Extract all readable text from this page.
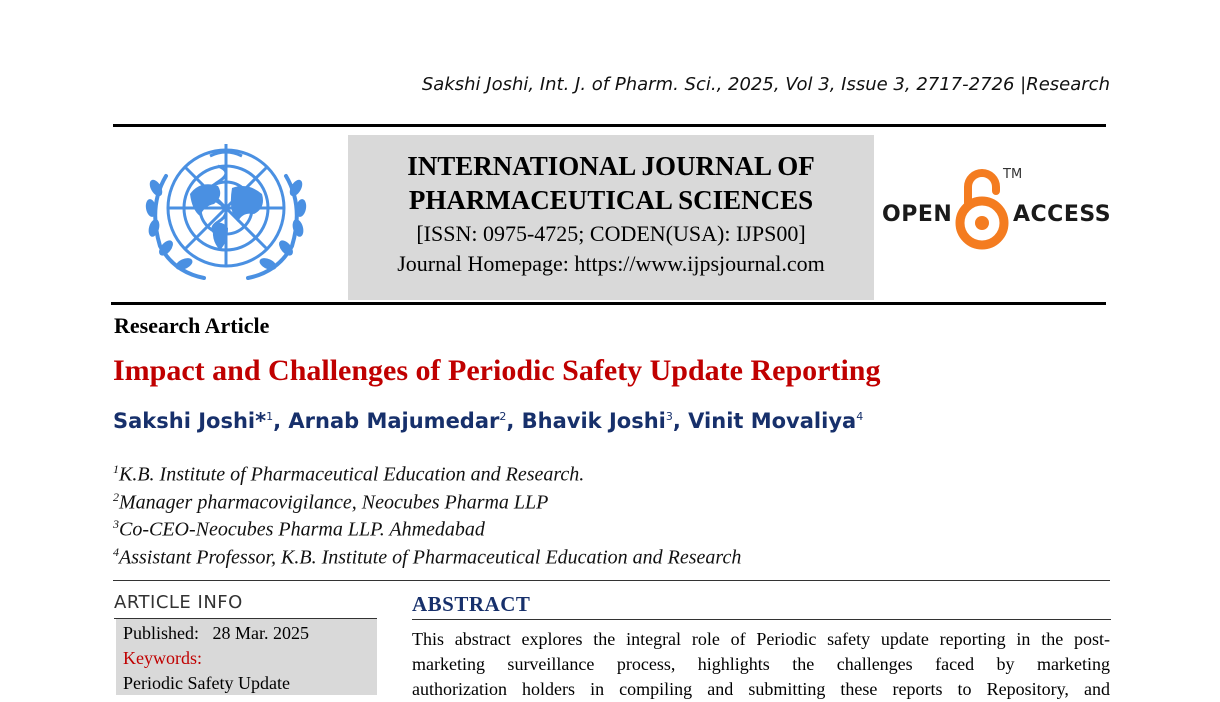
Sakshi Joshi, Int. J. of Pharm. Sci., 2025, Vol 3, Issue 3, 2717-2726 |Research
INTERNATIONAL JOURNAL OF
PHARMACEUTICAL SCIENCES
[ISSN: 0975-4725; CODEN(USA): IJPS00]
Journal Homepage: https://www.ijpsjournal.com
OPEN
TM
ACCESS
Research Article
Impact and Challenges of Periodic Safety Update Reporting
Sakshi Joshi*$^1$, Arnab Majumedar$^2$, Bhavik Joshi$^3$, Vinit Movaliya$^4$
$^1$K.B. Institute of Pharmaceutical Education and Research.
$^2$Manager pharmacovigilance, Neocubes Pharma LLP
$^3$Co-CEO-Neocubes Pharma LLP. Ahmedabad
$^4$Assistant Professor, K.B. Institute of Pharmaceutical Education and Research
ARTICLE INFO
Published: 28 Mar. 2025
Keywords:
Periodic Safety Update
ABSTRACT
This abstract explores the integral role of Periodic safety update reporting in the post-
marketing surveillance process, highlights the challenges faced by marketing
authorization holders in compiling and submitting these reports to Repository, and
